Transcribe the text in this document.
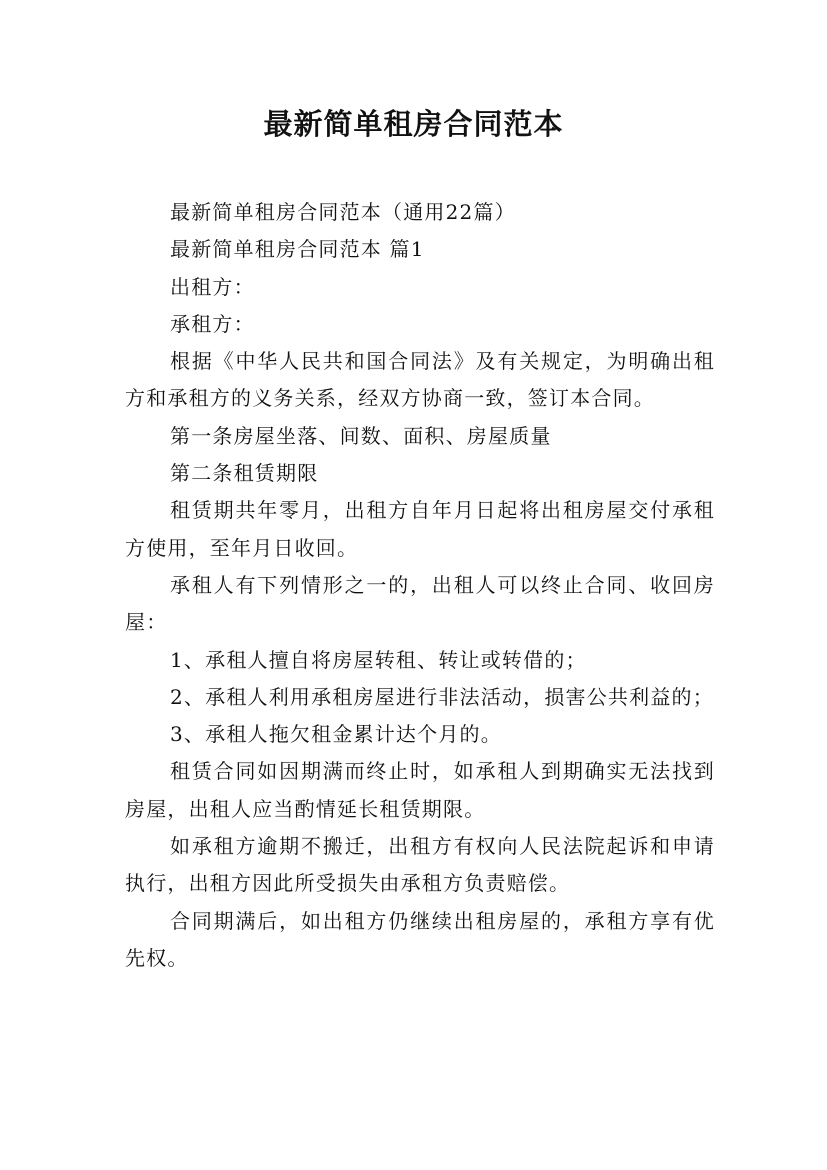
最新简单租房合同范本

最新简单租房合同范本（通用22篇）

最新简单租房合同范本 篇1

出租方：

承租方：

根据《中华人民共和国合同法》及有关规定，为明确出租方和承租方的义务关系，经双方协商一致，签订本合同。

第一条房屋坐落、间数、面积、房屋质量

第二条租赁期限

租赁期共年零月，出租方自年月日起将出租房屋交付承租方使用，至年月日收回。

承租人有下列情形之一的，出租人可以终止合同、收回房屋：

1、承租人擅自将房屋转租、转让或转借的；

2、承租人利用承租房屋进行非法活动，损害公共利益的；

3、承租人拖欠租金累计达个月的。

租赁合同如因期满而终止时，如承租人到期确实无法找到房屋，出租人应当酌情延长租赁期限。

如承租方逾期不搬迁，出租方有权向人民法院起诉和申请执行，出租方因此所受损失由承租方负责赔偿。

合同期满后，如出租方仍继续出租房屋的，承租方享有优先权。
